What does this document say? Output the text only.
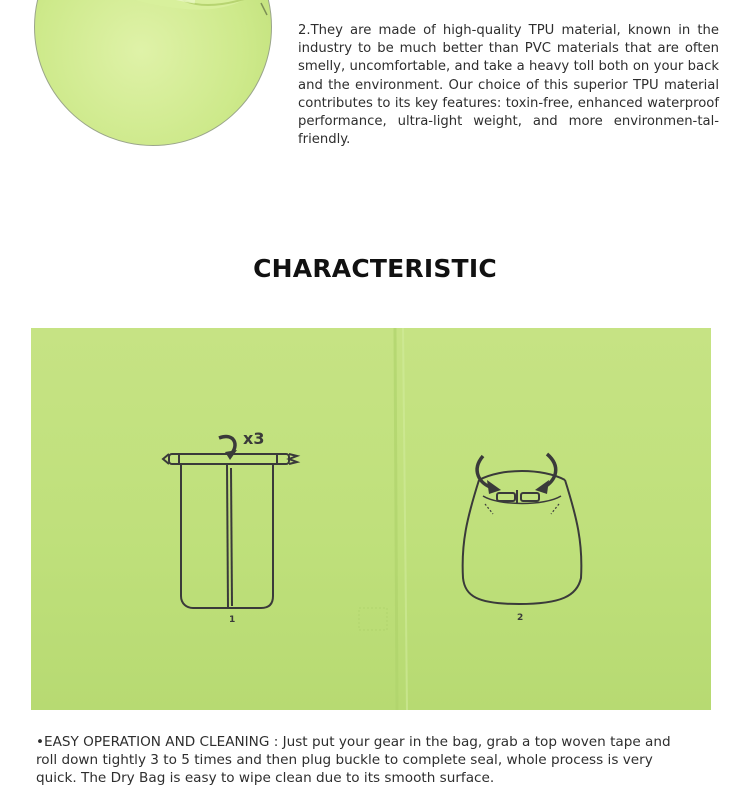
2.They are made of high-quality TPU material, known in the industry to be much better than PVC materials that are often smelly, uncomfortable, and take a heavy toll both on your back and the environment. Our choice of this superior TPU material contributes to its key features: toxin-free, enhanced waterproof performance, ultra-light weight, and more environmen-tal-friendly.

CHARACTERISTIC
x3
1	2

•EASY OPERATION AND CLEANING : Just put your gear in the bag, grab a top woven tape and roll down tightly 3 to 5 times and then plug buckle to complete seal, whole process is very quick. The Dry Bag is easy to wipe clean due to its smooth surface.
